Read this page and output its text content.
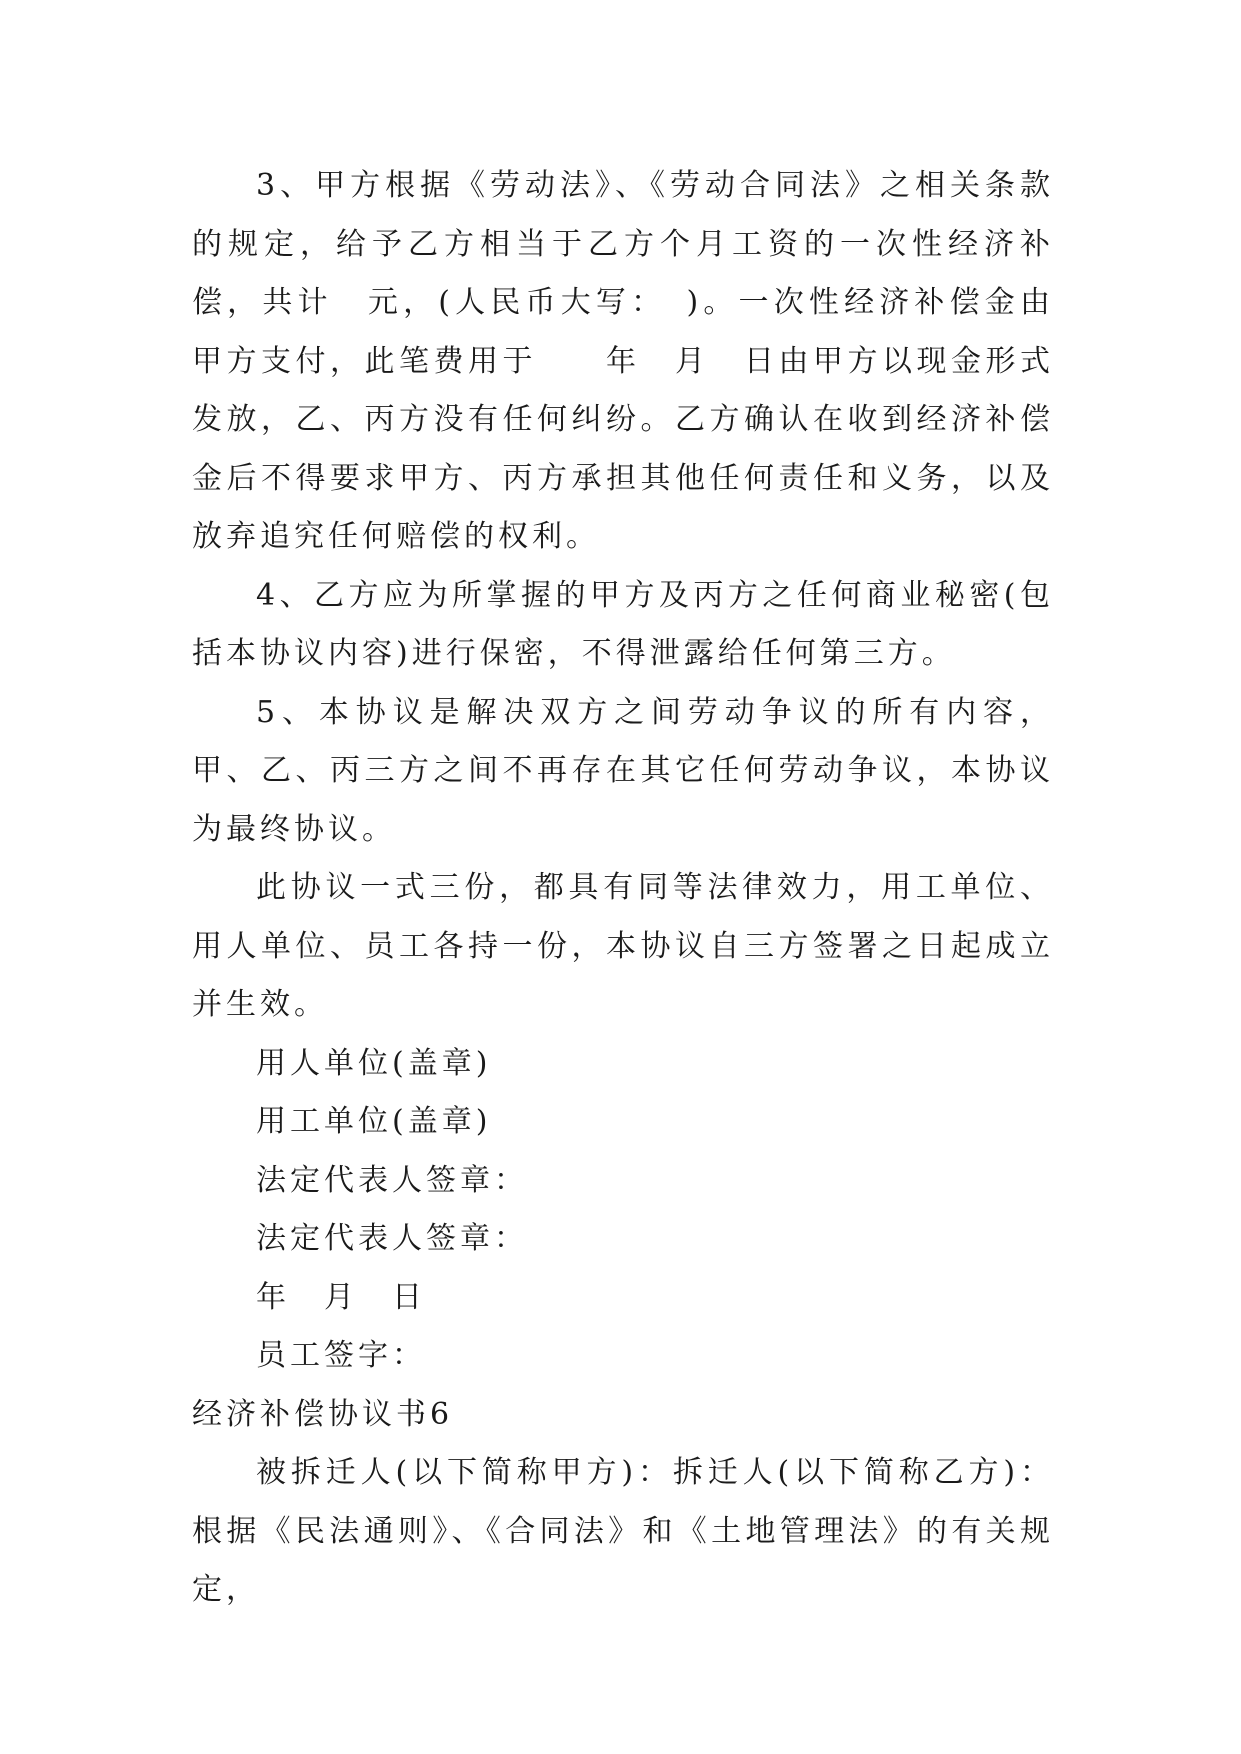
3、甲方根据《劳动法》、《劳动合同法》之相关条款的规定，给予乙方相当于乙方个月工资的一次性经济补偿，共计　元，(人民币大写：　)。一次性经济补偿金由甲方支付，此笔费用于　　年　月　日由甲方以现金形式发放，乙、丙方没有任何纠纷。乙方确认在收到经济补偿金后不得要求甲方、丙方承担其他任何责任和义务，以及放弃追究任何赔偿的权利。

4、乙方应为所掌握的甲方及丙方之任何商业秘密(包括本协议内容)进行保密，不得泄露给任何第三方。

5、本协议是解决双方之间劳动争议的所有内容，甲、乙、丙三方之间不再存在其它任何劳动争议，本协议为最终协议。

此协议一式三份，都具有同等法律效力，用工单位、用人单位、员工各持一份，本协议自三方签署之日起成立并生效。

用人单位(盖章)
用工单位(盖章)
法定代表人签章：
法定代表人签章：
年　月　日
员工签字：
经济补偿协议书6

被拆迁人(以下简称甲方)：拆迁人(以下简称乙方)：根据《民法通则》、《合同法》和《土地管理法》的有关规定，
